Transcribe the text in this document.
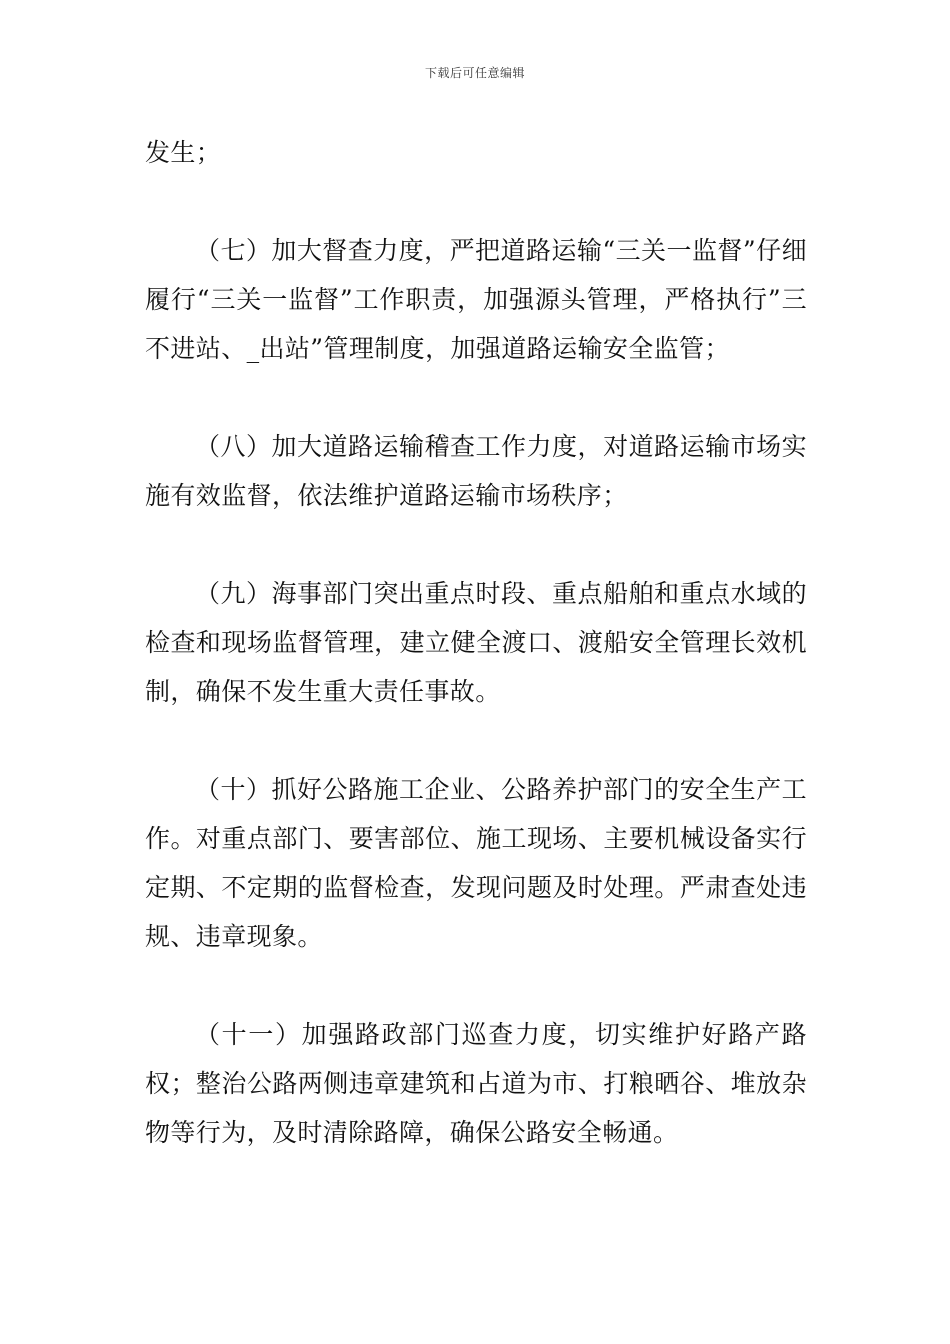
下载后可任意编辑

发生；

（七）加大督查力度，严把道路运输“三关一监督”仔细履行“三关一监督”工作职责，加强源头管理，严格执行”三不进站、_出站”管理制度，加强道路运输安全监管；

（八）加大道路运输稽查工作力度，对道路运输市场实施有效监督，依法维护道路运输市场秩序；

（九）海事部门突出重点时段、重点船舶和重点水域的检查和现场监督管理，建立健全渡口、渡船安全管理长效机制，确保不发生重大责任事故。

（十）抓好公路施工企业、公路养护部门的安全生产工作。对重点部门、要害部位、施工现场、主要机械设备实行定期、不定期的监督检查，发现问题及时处理。严肃查处违规、违章现象。

（十一）加强路政部门巡查力度，切实维护好路产路权；整治公路两侧违章建筑和占道为市、打粮晒谷、堆放杂物等行为，及时清除路障，确保公路安全畅通。
